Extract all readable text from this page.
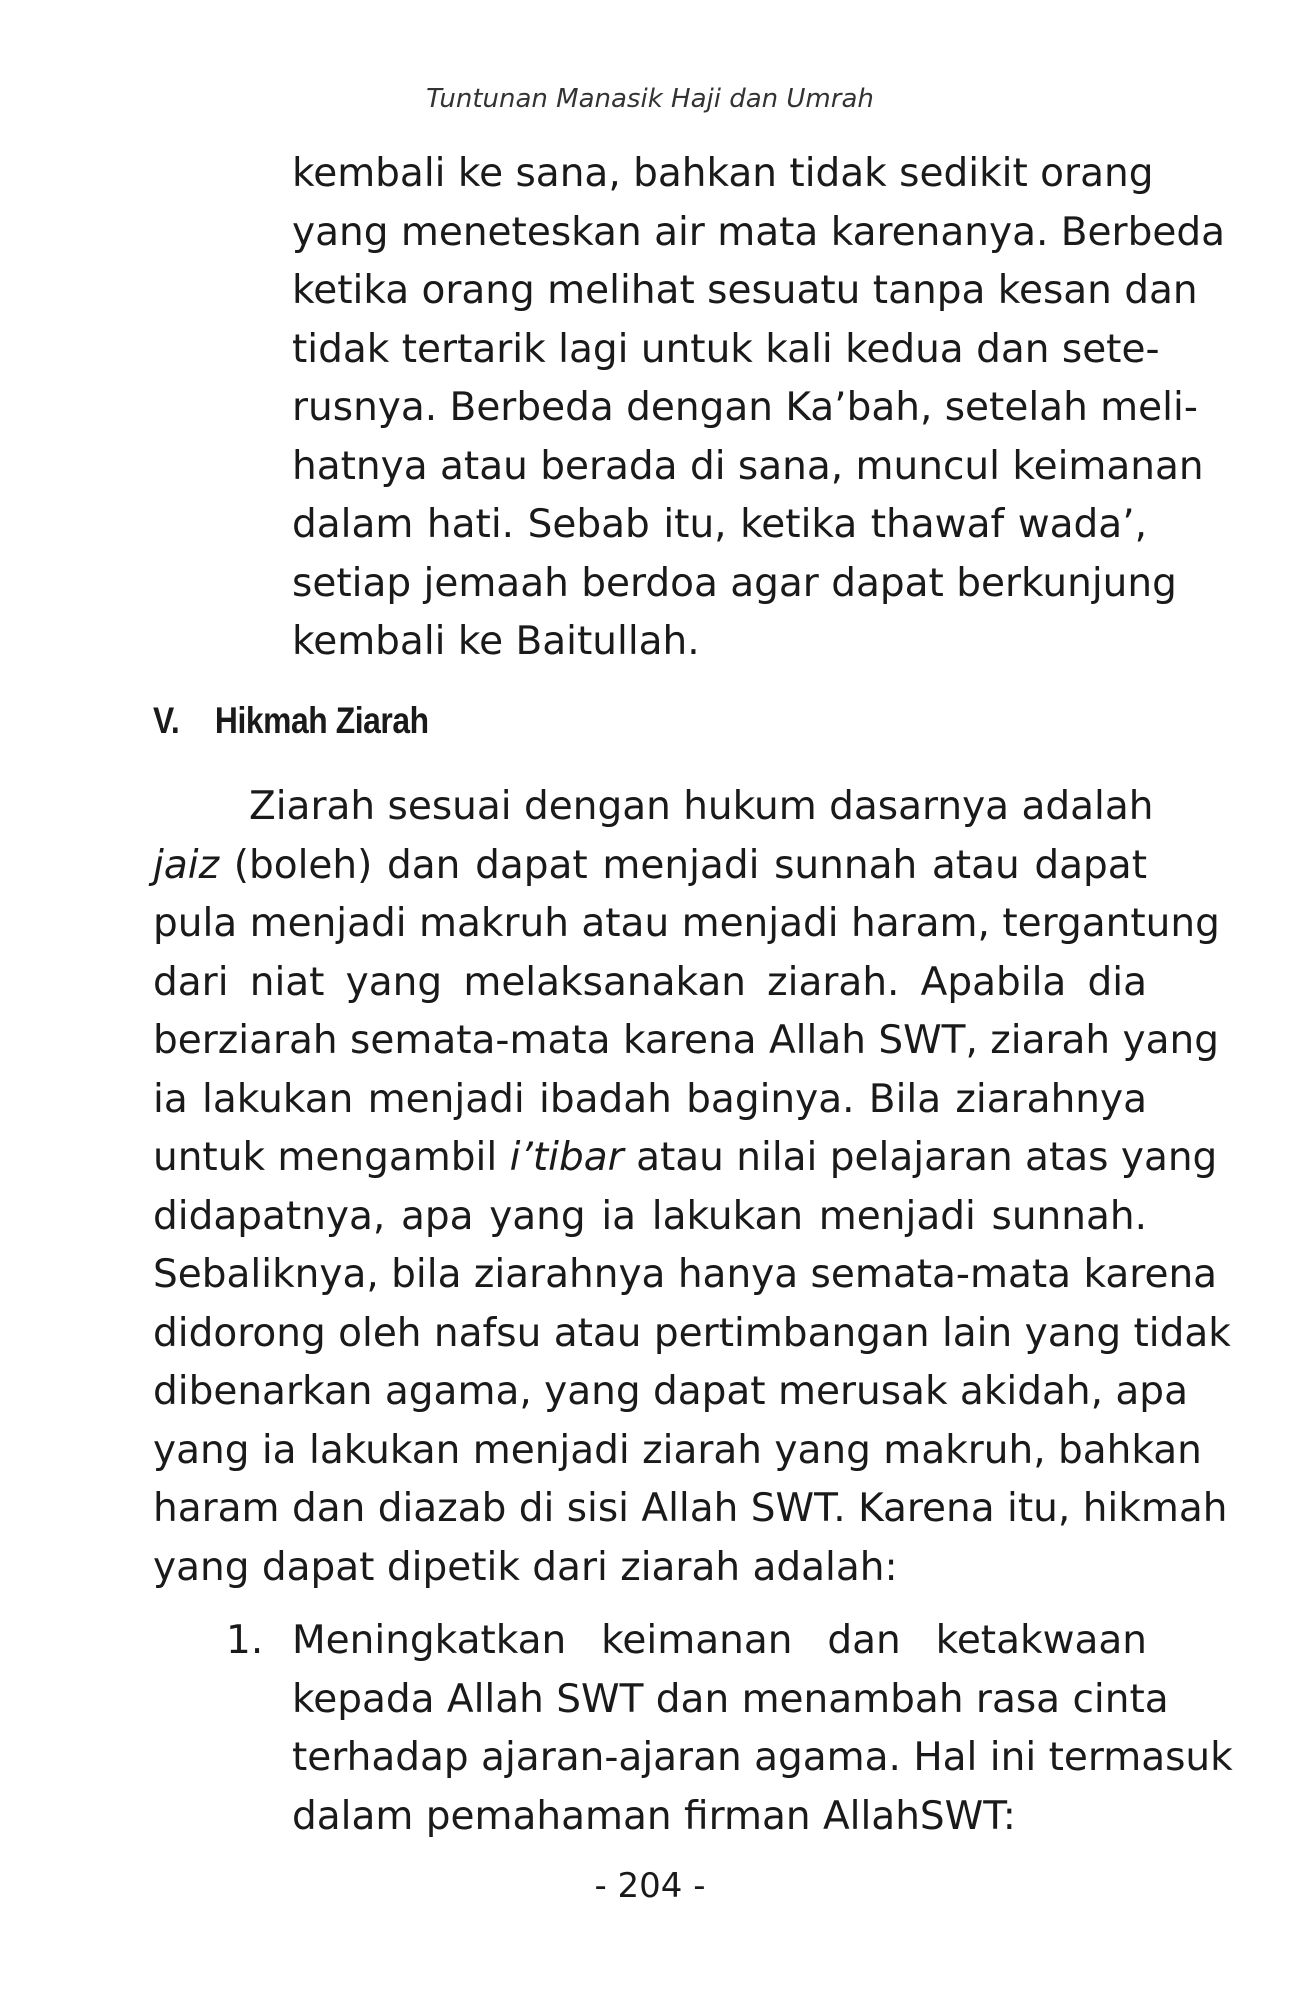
Tuntunan Manasik Haji dan Umrah
kembali ke sana, bahkan tidak sedikit orang
yang meneteskan air mata karenanya. Berbeda
ketika orang melihat sesuatu tanpa kesan dan
tidak tertarik lagi untuk kali kedua dan sete-
rusnya. Berbeda dengan Ka’bah, setelah meli-
hatnya atau berada di sana, muncul keimanan
dalam hati. Sebab itu, ketika thawaf wada’,
setiap jemaah berdoa agar dapat berkunjung
kembali ke Baitullah.
V. Hikmah Ziarah
Ziarah sesuai dengan hukum dasarnya adalah
jaiz (boleh) dan dapat menjadi sunnah atau dapat
pula menjadi makruh atau menjadi haram, tergantung
dari niat yang melaksanakan ziarah. Apabila dia
berziarah semata-mata karena Allah SWT, ziarah yang
ia lakukan menjadi ibadah baginya. Bila ziarahnya
untuk mengambil i’tibar atau nilai pelajaran atas yang
didapatnya, apa yang ia lakukan menjadi sunnah.
Sebaliknya, bila ziarahnya hanya semata-mata karena
didorong oleh nafsu atau pertimbangan lain yang tidak
dibenarkan agama, yang dapat merusak akidah, apa
yang ia lakukan menjadi ziarah yang makruh, bahkan
haram dan diazab di sisi Allah SWT. Karena itu, hikmah
yang dapat dipetik dari ziarah adalah:
1. Meningkatkan keimanan dan ketakwaan
kepada Allah SWT dan menambah rasa cinta
terhadap ajaran-ajaran agama. Hal ini termasuk
dalam pemahaman firman AllahSWT:
- 204 -
